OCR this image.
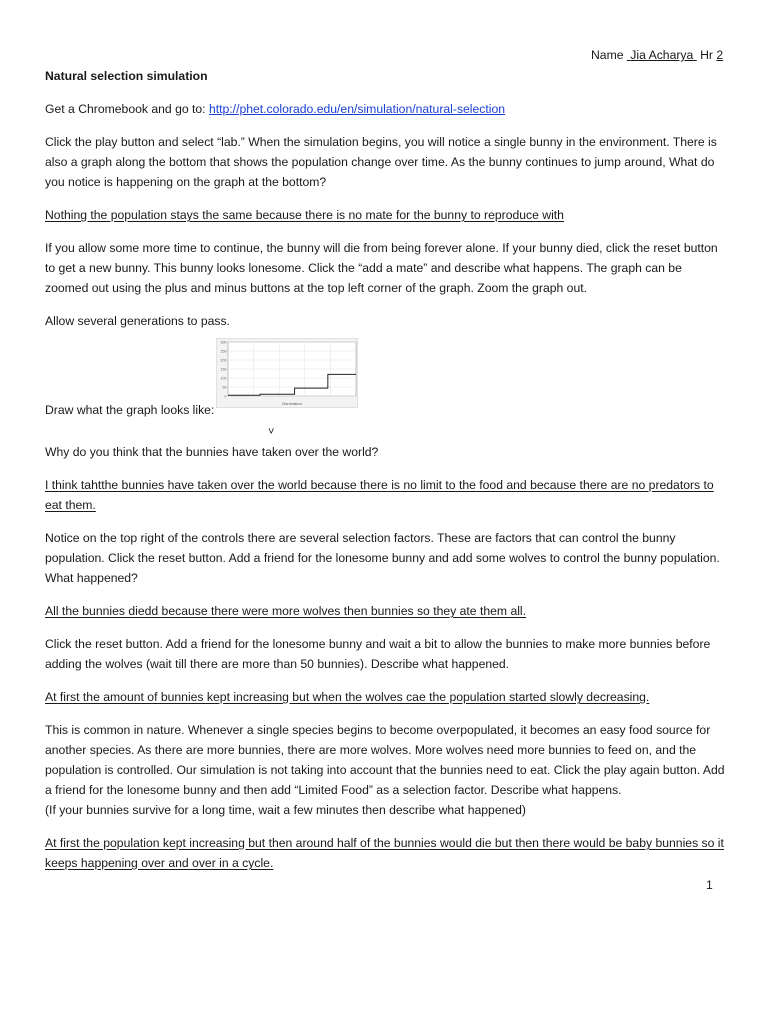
Name Jia Acharya Hr 2
Natural selection simulation

Get a Chromebook and go to: http://phet.colorado.edu/en/simulation/natural-selection

Click the play button and select “lab.” When the simulation begins, you will notice a single bunny in the environment. There is also a graph along the bottom that shows the population change over time. As the bunny continues to jump around, What do you notice is happening on the graph at the bottom?

Nothing the population stays the same because there is no mate for the bunny to reproduce with

If you allow some more time to continue, the bunny will die from being forever alone. If your bunny died, click the reset button to get a new bunny. This bunny looks lonesome. Click the “add a mate” and describe what happens. The graph can be zoomed out using the plus and minus buttons at the top left corner of the graph. Zoom the graph out.

Allow several generations to pass.

Draw what the graph looks like:
300
250
200
150
100
50
0
Generation
˅

Why do you think that the bunnies have taken over the world?

I think tahtthe bunnies have taken over the world because there is no limit to the food and because there are no predators to eat them.

Notice on the top right of the controls there are several selection factors. These are factors that can control the bunny population. Click the reset button. Add a friend for the lonesome bunny and add some wolves to control the bunny population. What happened?

All the bunnies diedd because there were more wolves then bunnies so they ate them all.

Click the reset button. Add a friend for the lonesome bunny and wait a bit to allow the bunnies to make more bunnies before adding the wolves (wait till there are more than 50 bunnies). Describe what happened.

At first the amount of bunnies kept increasing but when the wolves cae the population started slowly decreasing.

This is common in nature. Whenever a single species begins to become overpopulated, it becomes an easy food source for another species. As there are more bunnies, there are more wolves. More wolves need more bunnies to feed on, and the population is controlled. Our simulation is not taking into account that the bunnies need to eat. Click the play again button. Add a friend for the lonesome bunny and then add “Limited Food” as a selection factor. Describe what happens.
(If your bunnies survive for a long time, wait a few minutes then describe what happened)

At first the population kept increasing but then around half of the bunnies would die but then there would be baby bunnies so it keeps happening over and over in a cycle.

1
